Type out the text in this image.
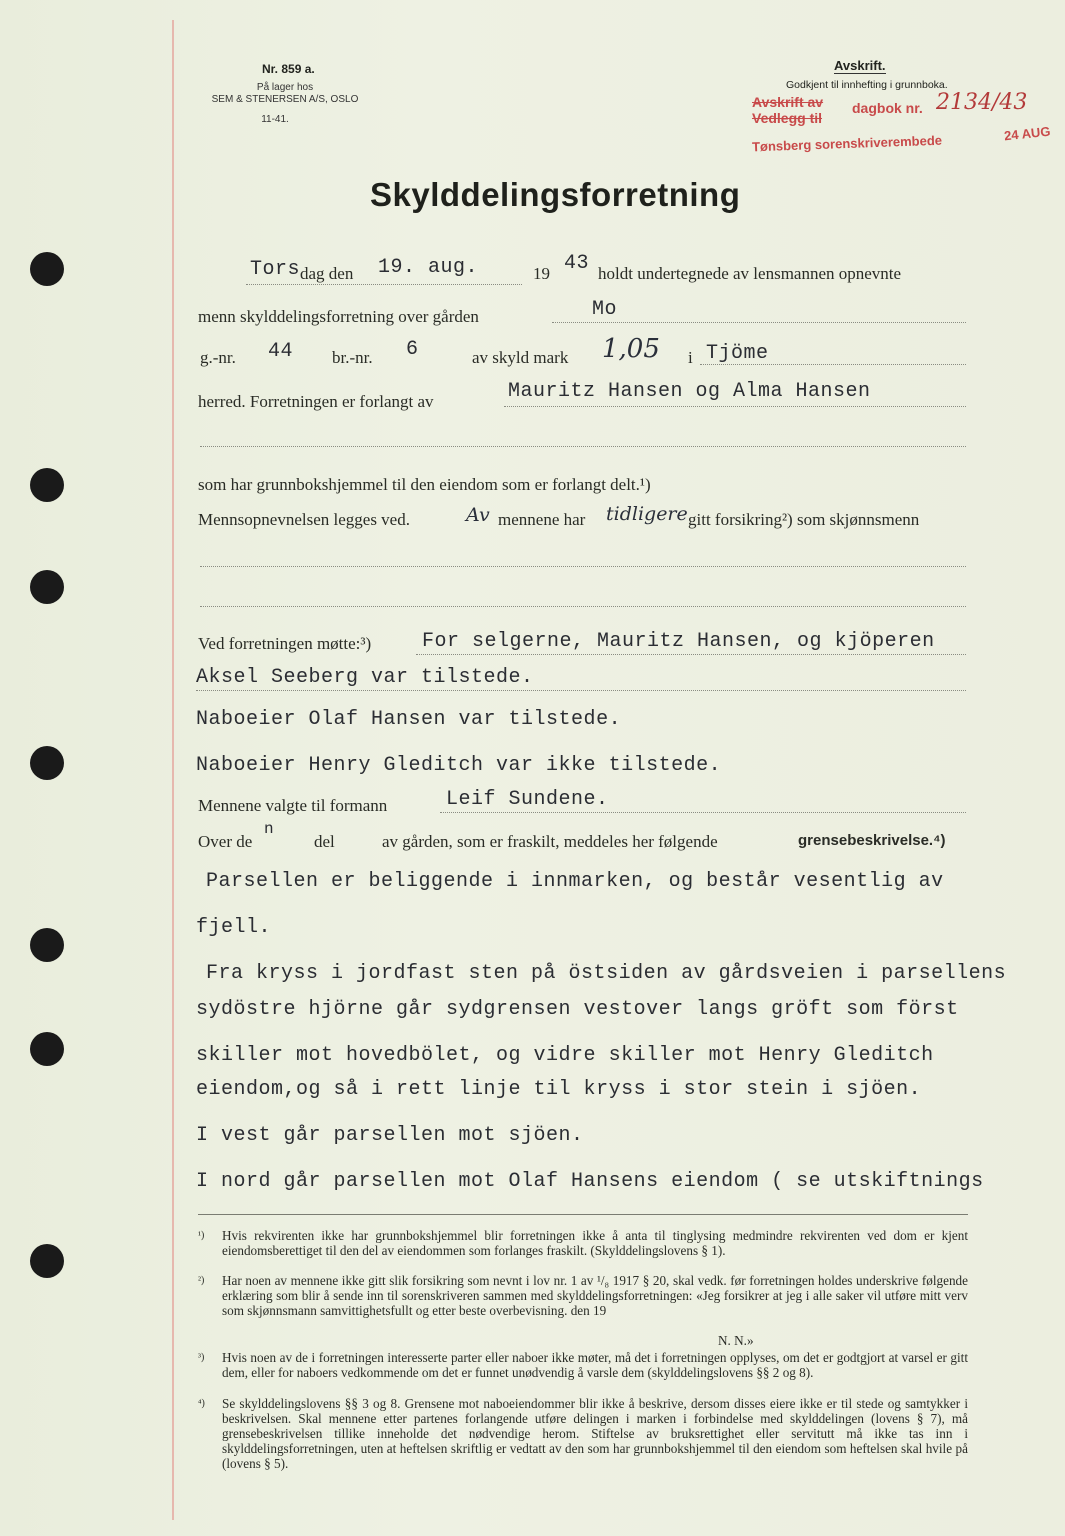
Nr. 859 a.
På lager hos
SEM & STENERSEN A/S, OSLO
11-41.
Avskrift.
Godkjent til innhefting i grunnboka.
Avskrift av
Vedlegg til
dagbok nr. 2134/43
Tønsberg sorenskriverembede	24 AUG
Skylddelingsforretning
Tors dag den 19. aug.	19 43 holdt undertegnede av lensmannen opnevnte
menn skylddelingsforretning over gården	Mo
g.-nr. 44 br.-nr. 6	av skyld mark 1,05 i Tjöme
herred. Forretningen er forlangt av	Mauritz Hansen og Alma Hansen
som har grunnbokshjemmel til den eiendom som er forlangt delt.¹)
Mennsopnevnelsen legges ved.	Av mennene har tidligere gitt forsikring²) som skjønnsmenn
Ved forretningen møtte:³)	For selgerne, Mauritz Hansen, og kjöperen
Aksel Seeberg var tilstede.
Naboeier Olaf Hansen var tilstede.
Naboeier Henry Gleditch var ikke tilstede.
Mennene valgte til formann	Leif Sundene.
Over de
n
del	av gården, som er fraskilt, meddeles her følgende	grensebeskrivelse.⁴)
Parsellen er beliggende i innmarken, og består vesentlig av
fjell.
Fra kryss i jordfast sten på östsiden av gårdsveien i parsellens
sydöstre hjörne går sydgrensen vestover langs gröft som först
skiller mot hovedbölet, og vidre skiller mot Henry Gleditch
eiendom,og så i rett linje til kryss i stor stein i sjöen.
I vest går parsellen mot sjöen.
I nord går parsellen mot Olaf Hansens eiendom ( se utskiftnings
¹) Hvis rekvirenten ikke har grunnbokshjemmel blir forretningen ikke å anta til tinglysing medmindre rekvirenten ved dom er kjent eiendomsberettiget til den del av eiendommen som forlanges fraskilt. (Skylddelingslovens § 1).
²) Har noen av mennene ikke gitt slik forsikring som nevnt i lov nr. 1 av ¹/₈ 1917 § 20, skal vedk. før forretningen holdes underskrive følgende erklæring som blir å sende inn til sorenskriveren sammen med skylddelingsforretningen: «Jeg forsikrer at jeg i alle saker vil utføre mitt verv som skjønnsmann samvittighetsfullt og etter beste overbevisning. den 19
N. N.»
³) Hvis noen av de i forretningen interesserte parter eller naboer ikke møter, må det i forretningen opplyses, om det er godtgjort at varsel er gitt dem, eller for naboers vedkommende om det er funnet unødvendig å varsle dem (skylddelingslovens §§ 2 og 8).
⁴) Se skylddelingslovens §§ 3 og 8. Grensene mot naboeiendommer blir ikke å beskrive, dersom disses eiere ikke er til stede og samtykker i beskrivelsen. Skal mennene etter partenes forlangende utføre delingen i marken i forbindelse med skylddelingen (lovens § 7), må grensebeskrivelsen tillike inneholde det nødvendige herom. Stiftelse av bruksrettighet eller servitutt må ikke tas inn i skylddelingsforretningen, uten at heftelsen skriftlig er vedtatt av den som har grunnbokshjemmel til den eiendom som heftelsen skal hvile på (lovens § 5).
